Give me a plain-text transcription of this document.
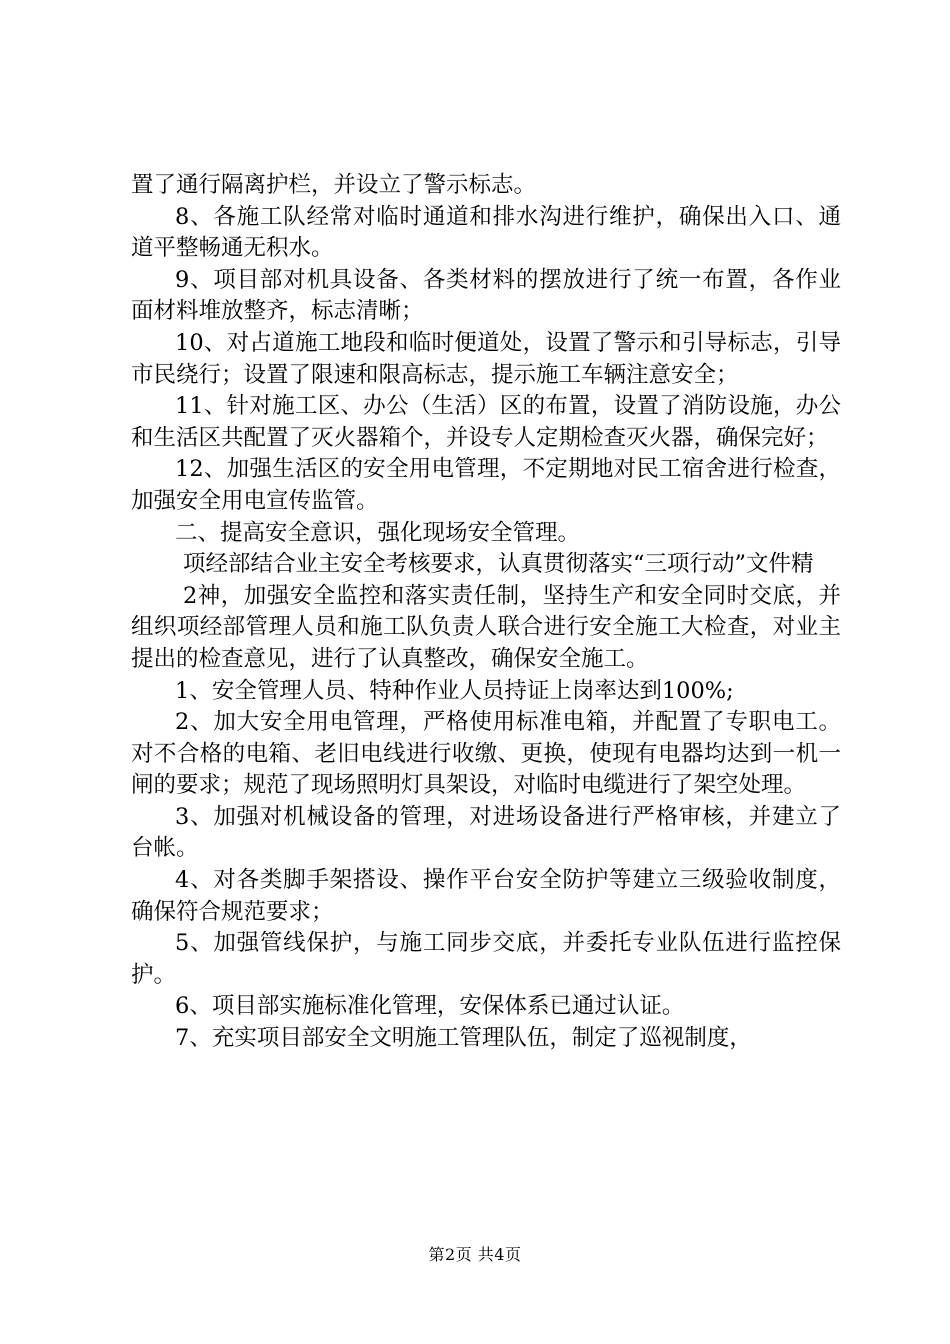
置了通行隔离护栏，并设立了警示标志。

8、各施工队经常对临时通道和排水沟进行维护，确保出入口、通道平整畅通无积水。

9、项目部对机具设备、各类材料的摆放进行了统一布置，各作业面材料堆放整齐，标志清晰；

10、对占道施工地段和临时便道处，设置了警示和引导标志，引导市民绕行；设置了限速和限高标志，提示施工车辆注意安全；

11、针对施工区、办公（生活）区的布置，设置了消防设施，办公和生活区共配置了灭火器箱个，并设专人定期检查灭火器，确保完好；

12、加强生活区的安全用电管理，不定期地对民工宿舍进行检查，加强安全用电宣传监管。

二、提高安全意识，强化现场安全管理。

项经部结合业主安全考核要求，认真贯彻落实“三项行动”文件精

2神，加强安全监控和落实责任制，坚持生产和安全同时交底，并组织项经部管理人员和施工队负责人联合进行安全施工大检查，对业主提出的检查意见，进行了认真整改，确保安全施工。

1、安全管理人员、特种作业人员持证上岗率达到100%;

2、加大安全用电管理，严格使用标准电箱，并配置了专职电工。对不合格的电箱、老旧电线进行收缴、更换，使现有电器均达到一机一闸的要求；规范了现场照明灯具架设，对临时电缆进行了架空处理。

3、加强对机械设备的管理，对进场设备进行严格审核，并建立了台帐。

4、对各类脚手架搭设、操作平台安全防护等建立三级验收制度，确保符合规范要求；

5、加强管线保护，与施工同步交底，并委托专业队伍进行监控保护。

6、项目部实施标准化管理，安保体系已通过认证。

7、充实项目部安全文明施工管理队伍，制定了巡视制度，

第2页 共4页
